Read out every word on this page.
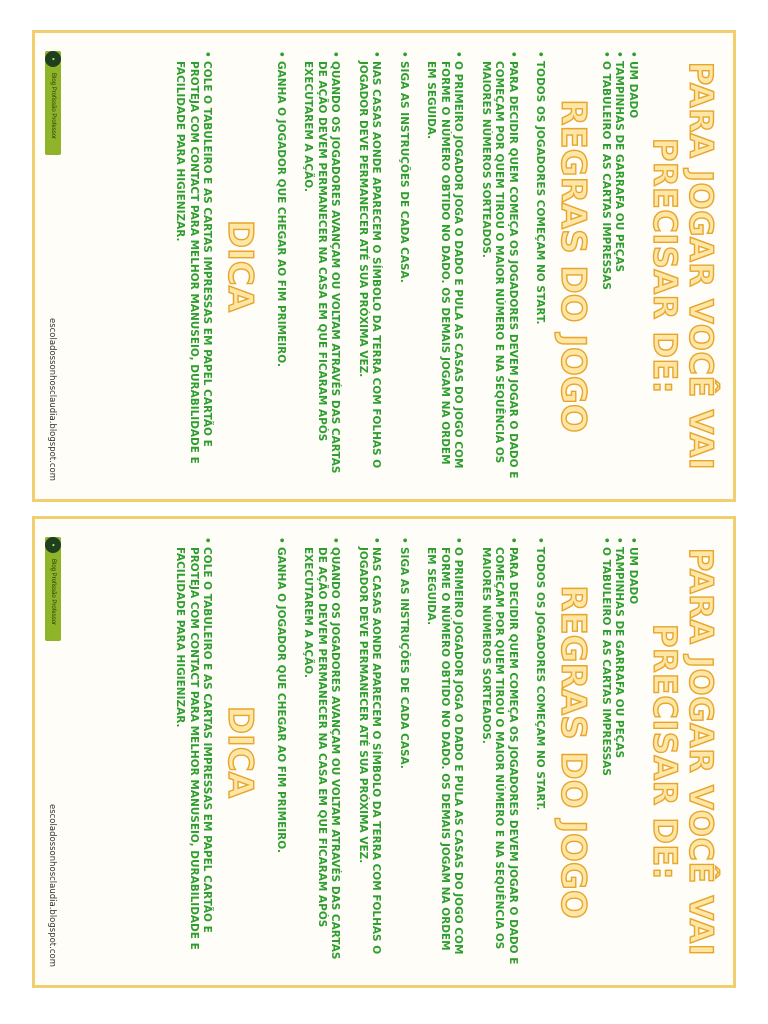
PARA JOGAR VOCÊ VAI PRECISAR DE:
• UM DADO
• TAMPINHAS DE GARRAFA OU PEÇAS
• O TABULEIRO E AS CARTAS IMPRESSAS
REGRAS DO JOGO
• TODOS OS JOGADORES COMEÇAM NO START.
• PARA DECIDIR QUEM COMEÇA OS JOGADORES DEVEM JOGAR O DADO E COMEÇAM POR QUEM TIROU O MAIOR NÚMERO E NA SEQUÊNCIA OS MAIORES NÚMEROS SORTEADOS.
• O PRIMEIRO JOGADOR JOGA O DADO E PULA AS CASAS DO JOGO COM FORME O NÚMERO OBTIDO NO DADO. OS DEMAIS JOGAM NA ORDEM EM SEGUIDA.
• SIGA AS INSTRUÇÕES DE CADA CASA.
• NAS CASAS AONDE APARECEM O SÍMBOLO DA TERRA COM FOLHAS O JOGADOR DEVE PERMANECER ATÉ SUA PRÓXIMA VEZ.
• QUANDO OS JOGADORES AVANÇAM OU VOLTAM ATRAVÉS DAS CARTAS DE AÇÃO DEVEM PERMANECER NA CASA EM QUE FICARAM APÓS EXECUTAREM A AÇÃO.
• GANHA O JOGADOR QUE CHEGAR AO FIM PRIMEIRO.
DICA
• COLE O TABULEIRO E AS CARTAS IMPRESSAS EM PAPEL CARTÃO E PROTEJA COM CONTACT PARA MELHOR MANUSEIO, DURABILIDADE E FACILIDADE PARA HIGIENIZAR.
●
Blog Profissão Professor
escoladossonhosclaudia.blogspot.com
PARA JOGAR VOCÊ VAI PRECISAR DE:
• UM DADO
• TAMPINHAS DE GARRAFA OU PEÇAS
• O TABULEIRO E AS CARTAS IMPRESSAS
REGRAS DO JOGO
• TODOS OS JOGADORES COMEÇAM NO START.
• PARA DECIDIR QUEM COMEÇA OS JOGADORES DEVEM JOGAR O DADO E COMEÇAM POR QUEM TIROU O MAIOR NÚMERO E NA SEQUÊNCIA OS MAIORES NÚMEROS SORTEADOS.
• O PRIMEIRO JOGADOR JOGA O DADO E PULA AS CASAS DO JOGO COM FORME O NÚMERO OBTIDO NO DADO. OS DEMAIS JOGAM NA ORDEM EM SEGUIDA.
• SIGA AS INSTRUÇÕES DE CADA CASA.
• NAS CASAS AONDE APARECEM O SÍMBOLO DA TERRA COM FOLHAS O JOGADOR DEVE PERMANECER ATÉ SUA PRÓXIMA VEZ.
• QUANDO OS JOGADORES AVANÇAM OU VOLTAM ATRAVÉS DAS CARTAS DE AÇÃO DEVEM PERMANECER NA CASA EM QUE FICARAM APÓS EXECUTAREM A AÇÃO.
• GANHA O JOGADOR QUE CHEGAR AO FIM PRIMEIRO.
DICA
• COLE O TABULEIRO E AS CARTAS IMPRESSAS EM PAPEL CARTÃO E PROTEJA COM CONTACT PARA MELHOR MANUSEIO, DURABILIDADE E FACILIDADE PARA HIGIENIZAR.
●
Blog Profissão Professor
escoladossonhosclaudia.blogspot.com
